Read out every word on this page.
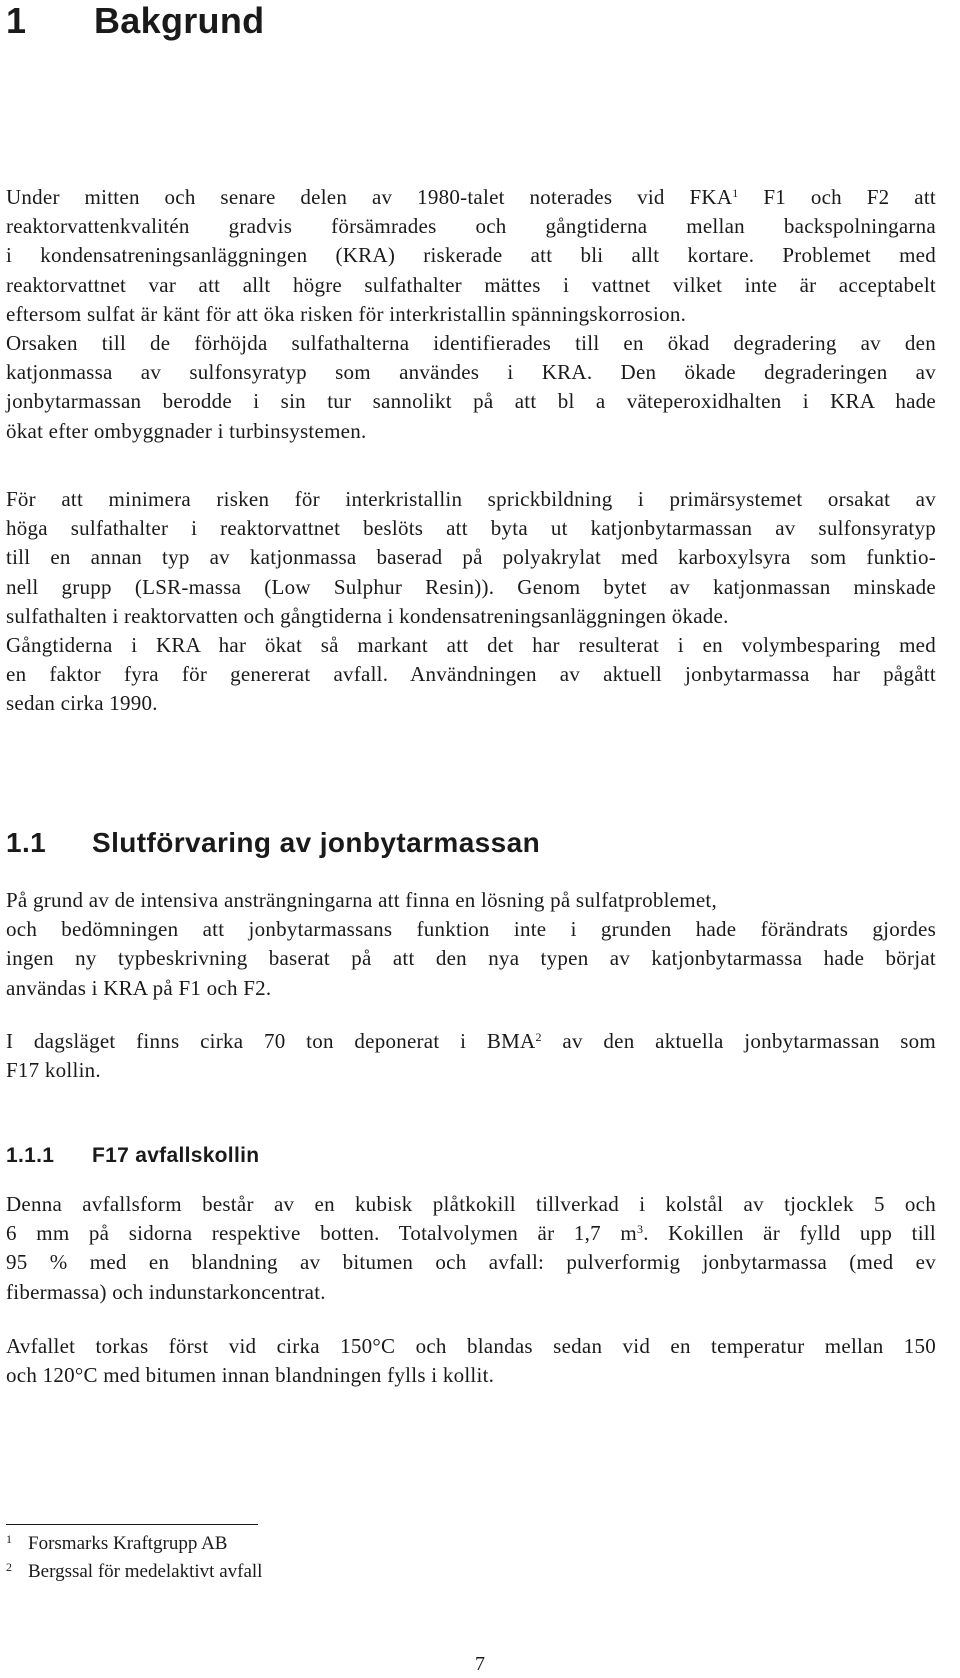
1 Bakgrund

Under mitten och senare delen av 1980-talet noterades vid FKA$^1$ F1 och F2 att
reaktorvattenkvalitén gradvis försämrades och gångtiderna mellan backspolningarna
i kondensatreningsanläggningen (KRA) riskerade att bli allt kortare. Problemet med
reaktorvattnet var att allt högre sulfathalter mättes i vattnet vilket inte är acceptabelt
eftersom sulfat är känt för att öka risken för interkristallin spänningskorrosion.
Orsaken till de förhöjda sulfathalterna identifierades till en ökad degradering av den
katjonmassa av sulfonsyratyp som användes i KRA. Den ökade degraderingen av
jonbytarmassan berodde i sin tur sannolikt på att bl a väteperoxidhalten i KRA hade
ökat efter ombyggnader i turbinsystemen.

För att minimera risken för interkristallin sprickbildning i primärsystemet orsakat av
höga sulfathalter i reaktorvattnet beslöts att byta ut katjonbytarmassan av sulfonsyratyp
till en annan typ av katjonmassa baserad på polyakrylat med karboxylsyra som funktio-
nell grupp (LSR-massa (Low Sulphur Resin)). Genom bytet av katjonmassan minskade
sulfathalten i reaktorvatten och gångtiderna i kondensatreningsanläggningen ökade.
Gångtiderna i KRA har ökat så markant att det har resulterat i en volymbesparing med
en faktor fyra för genererat avfall. Användningen av aktuell jonbytarmassa har pågått
sedan cirka 1990.

1.1 Slutförvaring av jonbytarmassan

På grund av de intensiva ansträngningarna att finna en lösning på sulfatproblemet,
och bedömningen att jonbytarmassans funktion inte i grunden hade förändrats gjordes
ingen ny typbeskrivning baserat på att den nya typen av katjonbytarmassa hade börjat
användas i KRA på F1 och F2.

I dagsläget finns cirka 70 ton deponerat i BMA$^2$ av den aktuella jonbytarmassan som
F17 kollin.

1.1.1 F17 avfallskollin

Denna avfallsform består av en kubisk plåtkokill tillverkad i kolstål av tjocklek 5 och
6 mm på sidorna respektive botten. Totalvolymen är 1,7 $m^3$. Kokillen är fylld upp till
95 % med en blandning av bitumen och avfall: pulverformig jonbytarmassa (med ev
fibermassa) och indunstarkoncentrat.

Avfallet torkas först vid cirka 150°C och blandas sedan vid en temperatur mellan 150
och 120°C med bitumen innan blandningen fylls i kollit.

1 Forsmarks Kraftgrupp AB
2 Bergssal för medelaktivt avfall
7
